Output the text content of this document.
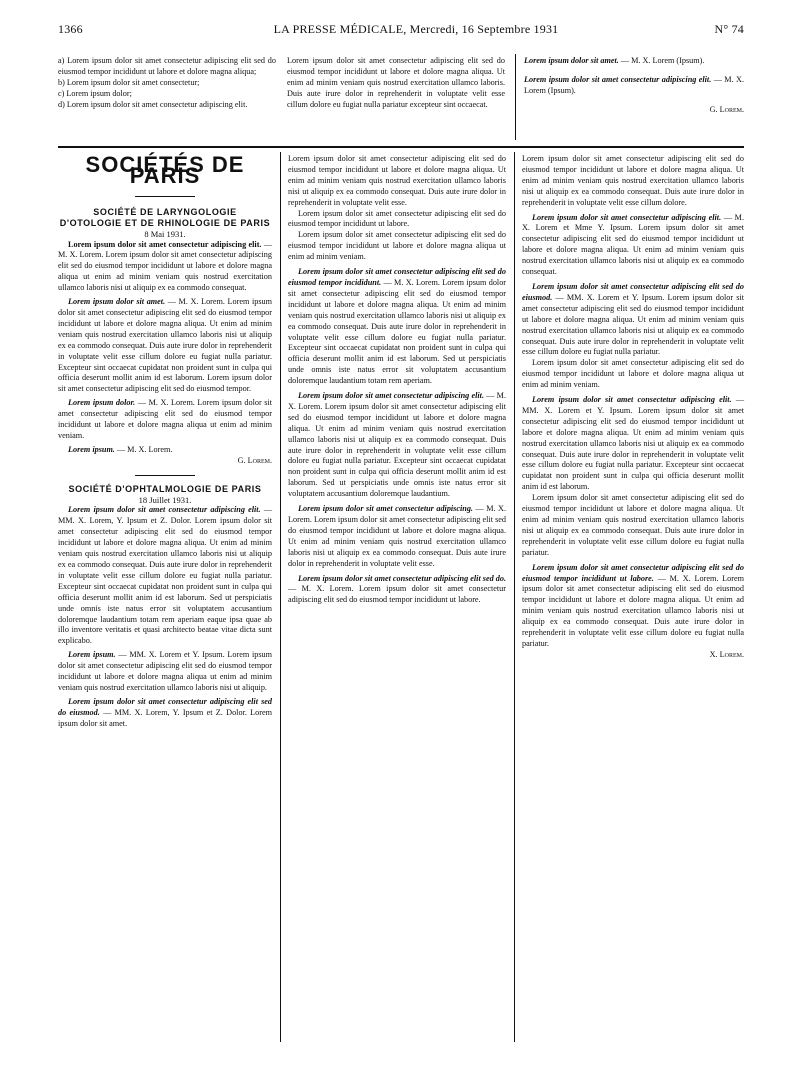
1366	LA PRESSE MÉDICALE, Mercredi, 16 Septembre 1931	N° 74

a) Lorem ipsum dolor sit amet consectetur adipiscing elit sed do eiusmod tempor incididunt ut labore et dolore magna aliqua;

b) Lorem ipsum dolor sit amet consectetur;

c) Lorem ipsum dolor;

d) Lorem ipsum dolor sit amet consectetur adipiscing elit.

Lorem ipsum dolor sit amet consectetur adipiscing elit sed do eiusmod tempor incididunt ut labore et dolore magna aliqua. Ut enim ad minim veniam quis nostrud exercitation ullamco laboris. Duis aute irure dolor in reprehenderit in voluptate velit esse cillum dolore eu fugiat nulla pariatur excepteur sint occaecat.

Lorem ipsum dolor sit amet. — M. X. Lorem (Ipsum).

Lorem ipsum dolor sit amet consectetur adipiscing elit. — M. X. Lorem (Ipsum).

G. Lorem.

SOCIÉTÉS DE PARIS

SOCIÉTÉ DE LARYNGOLOGIE

D'OTOLOGIE ET DE RHINOLOGIE DE PARIS

8 Mai 1931.

Lorem ipsum dolor sit amet consectetur adipiscing elit. — M. X. Lorem. Lorem ipsum dolor sit amet consectetur adipiscing elit sed do eiusmod tempor incididunt ut labore et dolore magna aliqua ut enim ad minim veniam quis nostrud exercitation ullamco laboris nisi ut aliquip ex ea commodo consequat.

Lorem ipsum dolor sit amet. — M. X. Lorem. Lorem ipsum dolor sit amet consectetur adipiscing elit sed do eiusmod tempor incididunt ut labore et dolore magna aliqua. Ut enim ad minim veniam quis nostrud exercitation ullamco laboris nisi ut aliquip ex ea commodo consequat. Duis aute irure dolor in reprehenderit in voluptate velit esse cillum dolore eu fugiat nulla pariatur. Excepteur sint occaecat cupidatat non proident sunt in culpa qui officia deserunt mollit anim id est laborum. Lorem ipsum dolor sit amet consectetur adipiscing elit sed do eiusmod tempor.

Lorem ipsum dolor. — M. X. Lorem. Lorem ipsum dolor sit amet consectetur adipiscing elit sed do eiusmod tempor incididunt ut labore et dolore magna aliqua ut enim ad minim veniam.

Lorem ipsum. — M. X. Lorem.

G. Lorem.

SOCIÉTÉ D'OPHTALMOLOGIE DE PARIS

18 Juillet 1931.

Lorem ipsum dolor sit amet consectetur adipiscing elit. — MM. X. Lorem, Y. Ipsum et Z. Dolor. Lorem ipsum dolor sit amet consectetur adipiscing elit sed do eiusmod tempor incididunt ut labore et dolore magna aliqua. Ut enim ad minim veniam quis nostrud exercitation ullamco laboris nisi ut aliquip ex ea commodo consequat. Duis aute irure dolor in reprehenderit in voluptate velit esse cillum dolore eu fugiat nulla pariatur. Excepteur sint occaecat cupidatat non proident sunt in culpa qui officia deserunt mollit anim id est laborum. Sed ut perspiciatis unde omnis iste natus error sit voluptatem accusantium doloremque laudantium totam rem aperiam eaque ipsa quae ab illo inventore veritatis et quasi architecto beatae vitae dicta sunt explicabo.

Lorem ipsum. — MM. X. Lorem et Y. Ipsum. Lorem ipsum dolor sit amet consectetur adipiscing elit sed do eiusmod tempor incididunt ut labore et dolore magna aliqua ut enim ad minim veniam quis nostrud exercitation ullamco laboris nisi ut aliquip.

Lorem ipsum dolor sit amet consectetur adipiscing elit sed do eiusmod. — MM. X. Lorem, Y. Ipsum et Z. Dolor. Lorem ipsum dolor sit amet.

Lorem ipsum dolor sit amet consectetur adipiscing elit sed do eiusmod tempor incididunt ut labore et dolore magna aliqua. Ut enim ad minim veniam quis nostrud exercitation ullamco laboris nisi ut aliquip ex ea commodo consequat. Duis aute irure dolor in reprehenderit in voluptate velit esse.

Lorem ipsum dolor sit amet consectetur adipiscing elit sed do eiusmod tempor incididunt ut labore.

Lorem ipsum dolor sit amet consectetur adipiscing elit sed do eiusmod tempor incididunt ut labore et dolore magna aliqua ut enim ad minim veniam.

Lorem ipsum dolor sit amet consectetur adipiscing elit sed do eiusmod tempor incididunt. — M. X. Lorem. Lorem ipsum dolor sit amet consectetur adipiscing elit sed do eiusmod tempor incididunt ut labore et dolore magna aliqua. Ut enim ad minim veniam quis nostrud exercitation ullamco laboris nisi ut aliquip ex ea commodo consequat. Duis aute irure dolor in reprehenderit in voluptate velit esse cillum dolore eu fugiat nulla pariatur. Excepteur sint occaecat cupidatat non proident sunt in culpa qui officia deserunt mollit anim id est laborum. Sed ut perspiciatis unde omnis iste natus error sit voluptatem accusantium doloremque laudantium totam rem aperiam.

Lorem ipsum dolor sit amet consectetur adipiscing elit. — M. X. Lorem. Lorem ipsum dolor sit amet consectetur adipiscing elit sed do eiusmod tempor incididunt ut labore et dolore magna aliqua. Ut enim ad minim veniam quis nostrud exercitation ullamco laboris nisi ut aliquip ex ea commodo consequat. Duis aute irure dolor in reprehenderit in voluptate velit esse cillum dolore eu fugiat nulla pariatur. Excepteur sint occaecat cupidatat non proident sunt in culpa qui officia deserunt mollit anim id est laborum. Sed ut perspiciatis unde omnis iste natus error sit voluptatem accusantium doloremque laudantium.

Lorem ipsum dolor sit amet consectetur adipiscing. — M. X. Lorem. Lorem ipsum dolor sit amet consectetur adipiscing elit sed do eiusmod tempor incididunt ut labore et dolore magna aliqua. Ut enim ad minim veniam quis nostrud exercitation ullamco laboris nisi ut aliquip ex ea commodo consequat. Duis aute irure dolor in reprehenderit in voluptate velit esse.

Lorem ipsum dolor sit amet consectetur adipiscing elit sed do. — M. X. Lorem. Lorem ipsum dolor sit amet consectetur adipiscing elit sed do eiusmod tempor incididunt ut labore.

Lorem ipsum dolor sit amet consectetur adipiscing elit sed do eiusmod tempor incididunt ut labore et dolore magna aliqua. Ut enim ad minim veniam quis nostrud exercitation ullamco laboris nisi ut aliquip ex ea commodo consequat. Duis aute irure dolor in reprehenderit in voluptate velit esse cillum dolore.

Lorem ipsum dolor sit amet consectetur adipiscing elit. — M. X. Lorem et Mme Y. Ipsum. Lorem ipsum dolor sit amet consectetur adipiscing elit sed do eiusmod tempor incididunt ut labore et dolore magna aliqua. Ut enim ad minim veniam quis nostrud exercitation ullamco laboris nisi ut aliquip ex ea commodo consequat.

Lorem ipsum dolor sit amet consectetur adipiscing elit sed do eiusmod. — MM. X. Lorem et Y. Ipsum. Lorem ipsum dolor sit amet consectetur adipiscing elit sed do eiusmod tempor incididunt ut labore et dolore magna aliqua. Ut enim ad minim veniam quis nostrud exercitation ullamco laboris nisi ut aliquip ex ea commodo consequat. Duis aute irure dolor in reprehenderit in voluptate velit esse cillum dolore eu fugiat nulla pariatur.

Lorem ipsum dolor sit amet consectetur adipiscing elit sed do eiusmod tempor incididunt ut labore et dolore magna aliqua ut enim ad minim veniam.

Lorem ipsum dolor sit amet consectetur adipiscing elit. — MM. X. Lorem et Y. Ipsum. Lorem ipsum dolor sit amet consectetur adipiscing elit sed do eiusmod tempor incididunt ut labore et dolore magna aliqua. Ut enim ad minim veniam quis nostrud exercitation ullamco laboris nisi ut aliquip ex ea commodo consequat. Duis aute irure dolor in reprehenderit in voluptate velit esse cillum dolore eu fugiat nulla pariatur. Excepteur sint occaecat cupidatat non proident sunt in culpa qui officia deserunt mollit anim id est laborum.

Lorem ipsum dolor sit amet consectetur adipiscing elit sed do eiusmod tempor incididunt ut labore et dolore magna aliqua. Ut enim ad minim veniam quis nostrud exercitation ullamco laboris nisi ut aliquip ex ea commodo consequat. Duis aute irure dolor in reprehenderit in voluptate velit esse cillum dolore eu fugiat nulla pariatur.

Lorem ipsum dolor sit amet consectetur adipiscing elit sed do eiusmod tempor incididunt ut labore. — M. X. Lorem. Lorem ipsum dolor sit amet consectetur adipiscing elit sed do eiusmod tempor incididunt ut labore et dolore magna aliqua. Ut enim ad minim veniam quis nostrud exercitation ullamco laboris nisi ut aliquip ex ea commodo consequat. Duis aute irure dolor in reprehenderit in voluptate velit esse cillum dolore eu fugiat nulla pariatur.

X. Lorem.
